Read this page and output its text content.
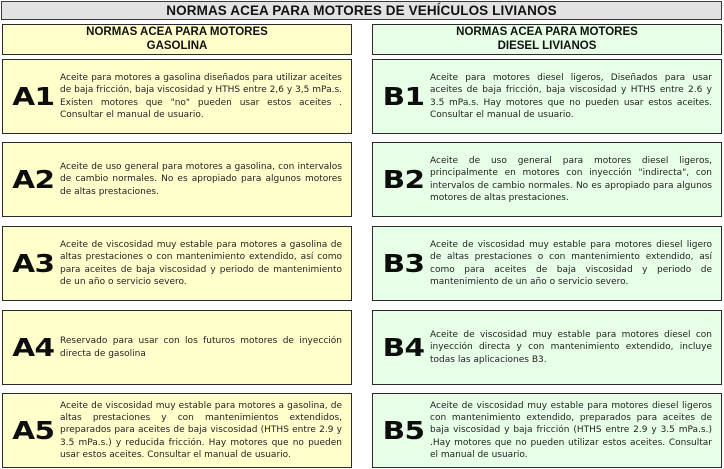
NORMAS ACEA PARA MOTORES DE VEHÍCULOS LIVIANOS
NORMAS ACEA PARA MOTORES
GASOLINA
NORMAS ACEA PARA MOTORES
DIESEL LIVIANOS
A1
Aceite para motores a gasolina diseñados para utilizar aceites de baja fricción, baja viscosidad y HTHS entre 2,6 y 3,5 mPa.s. Existen motores que "no" pueden usar estos aceites . Consultar el manual de usuario.
A2 Aceite de uso general para motores a gasolina, con intervalos de cambio normales. No es apropiado para algunos motores de altas prestaciones.
A3
Aceite de viscosidad muy estable para motores a gasolina de altas prestaciones o con mantenimiento extendido, así como para aceites de baja viscosidad y periodo de mantenimiento de un año o servicio severo.
A4 Reservado para usar con los futuros motores de inyección directa de gasolina
A5
Aceite de viscosidad muy estable para motores a gasolina, de altas prestaciones y con mantenimientos extendidos, preparados para aceites de baja viscosidad (HTHS entre 2.9 y 3.5 mPa.s.) y reducida fricción. Hay motores que no pueden usar estos aceites. Consultar el manual de usuario.
B1
Aceite para motores diesel ligeros, Diseñados para usar aceites de baja fricción, baja viscosidad y HTHS entre 2.6 y 3.5 mPa.s. Hay motores que no pueden usar estos aceites. Consultar el manual de usuario.
B2
Aceite de uso general para motores diesel ligeros, principalmente en motores con inyección "indirecta", con intervalos de cambio normales. No es apropiado para algunos motores de altas prestaciones.
B3
Aceite de viscosidad muy estable para motores diesel ligero de altas prestaciones o con mantenimiento extendido, así como para aceites de baja viscosidad y periodo de mantenimiento de un año o servicio severo.
B4 Aceite de viscosidad muy estable para motores diesel con inyección directa y con mantenimiento extendido, incluye todas las aplicaciones B3.
B5
Aceite de viscosidad muy estable para motores diesel ligeros con mantenimiento extendido, preparados para aceites de baja viscosidad y baja fricción (HTHS entre 2.9 y 3.5 mPa.s.) .Hay motores que no pueden utilizar estos aceites. Consultar el manual de usuario.
